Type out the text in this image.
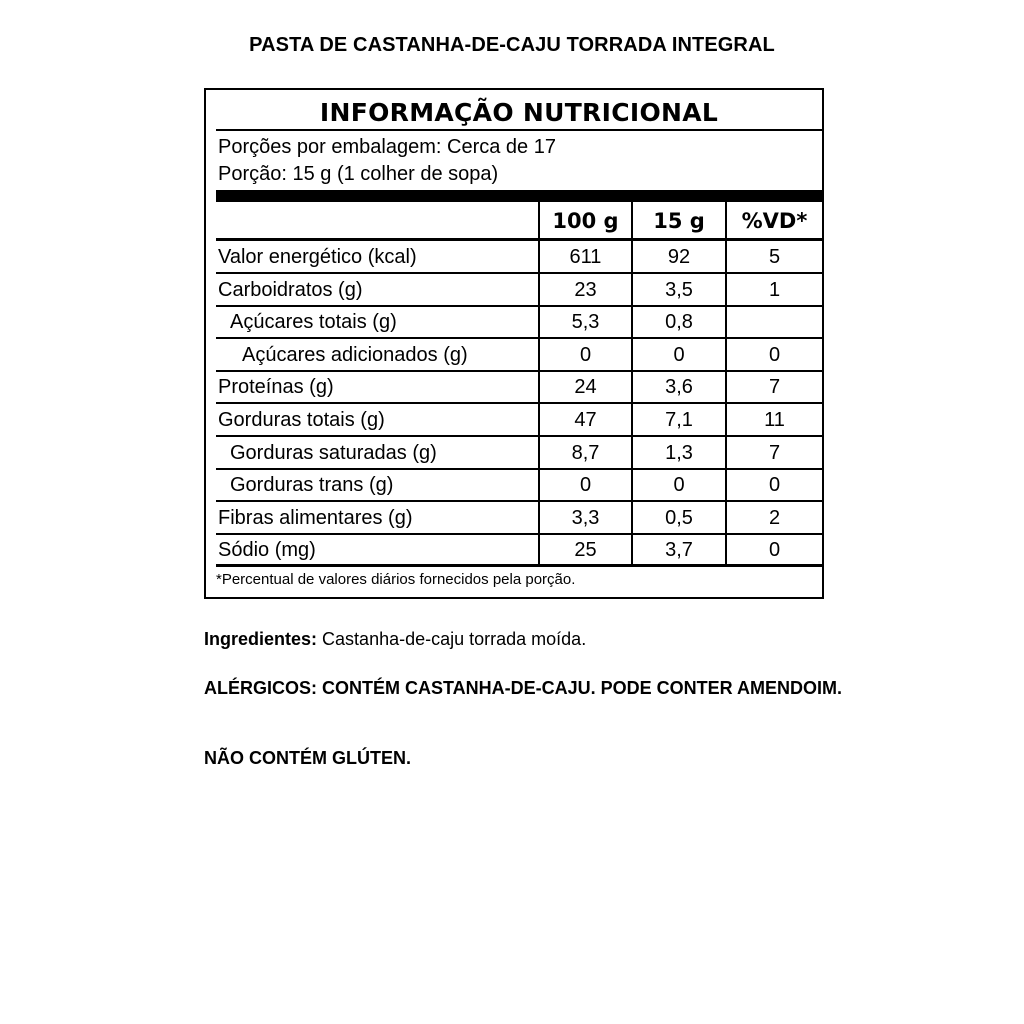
PASTA DE CASTANHA-DE-CAJU TORRADA INTEGRAL
INFORMAÇÃO NUTRICIONAL
Porções por embalagem: Cerca de 17
Porção: 15 g (1 colher de sopa)
100 g	15 g	%VD*
Valor energético (kcal)	611	92	5
Carboidratos (g)	23	3,5	1
Açúcares totais (g)	5,3	0,8
Açúcares adicionados (g)	0	0	0
Proteínas (g)	24	3,6	7
Gorduras totais (g)	47	7,1	11
Gorduras saturadas (g)	8,7	1,3	7
Gorduras trans (g)	0	0	0
Fibras alimentares (g)	3,3	0,5	2
Sódio (mg)	25	3,7	0
*Percentual de valores diários fornecidos pela porção.
Ingredientes: Castanha-de-caju torrada moída.
ALÉRGICOS: CONTÉM CASTANHA-DE-CAJU. PODE CONTER AMENDOIM.
NÃO CONTÉM GLÚTEN.
